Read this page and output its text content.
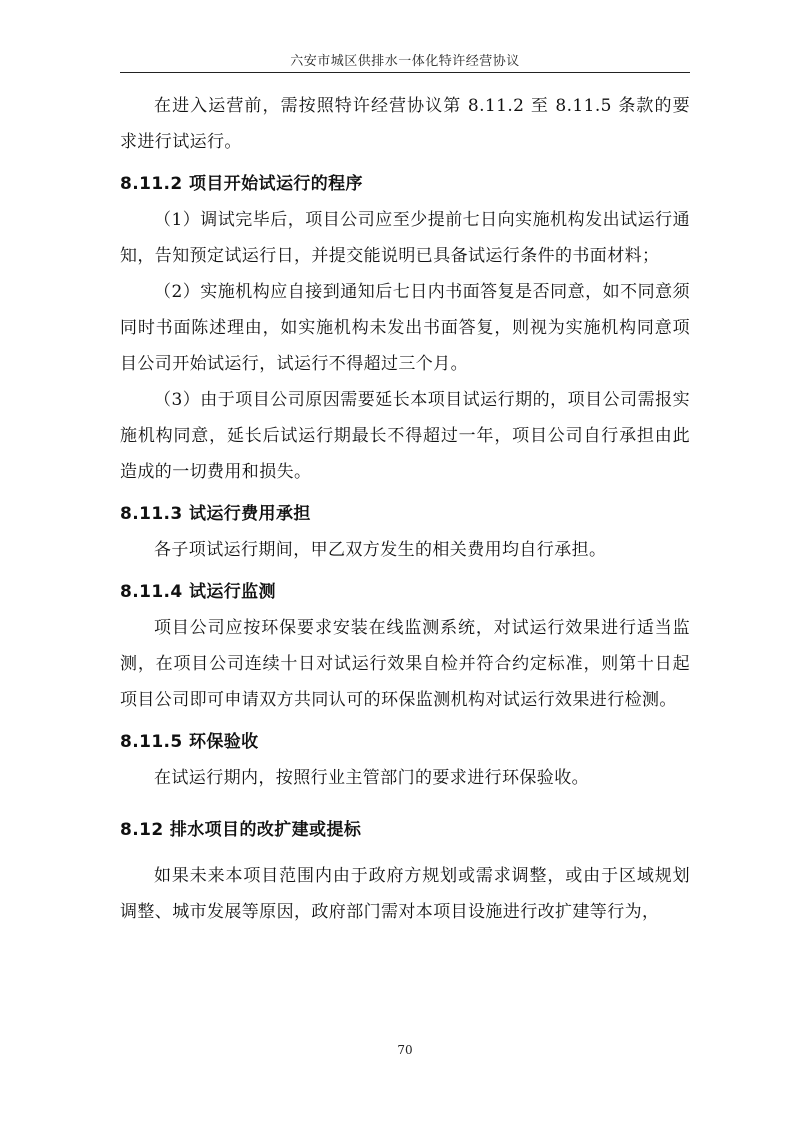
六安市城区供排水一体化特许经营协议

在进入运营前，需按照特许经营协议第 8.11.2 至 8.11.5 条款的要求进行试运行。

8.11.2 项目开始试运行的程序

（1）调试完毕后，项目公司应至少提前七日向实施机构发出试运行通知，告知预定试运行日，并提交能说明已具备试运行条件的书面材料；

（2）实施机构应自接到通知后七日内书面答复是否同意，如不同意须同时书面陈述理由，如实施机构未发出书面答复，则视为实施机构同意项目公司开始试运行，试运行不得超过三个月。

（3）由于项目公司原因需要延长本项目试运行期的，项目公司需报实施机构同意，延长后试运行期最长不得超过一年，项目公司自行承担由此造成的一切费用和损失。

8.11.3 试运行费用承担

各子项试运行期间，甲乙双方发生的相关费用均自行承担。

8.11.4 试运行监测

项目公司应按环保要求安装在线监测系统，对试运行效果进行适当监测，在项目公司连续十日对试运行效果自检并符合约定标准，则第十日起项目公司即可申请双方共同认可的环保监测机构对试运行效果进行检测。

8.11.5 环保验收

在试运行期内，按照行业主管部门的要求进行环保验收。

8.12 排水项目的改扩建或提标

如果未来本项目范围内由于政府方规划或需求调整，或由于区域规划调整、城市发展等原因，政府部门需对本项目设施进行改扩建等行为，

70
